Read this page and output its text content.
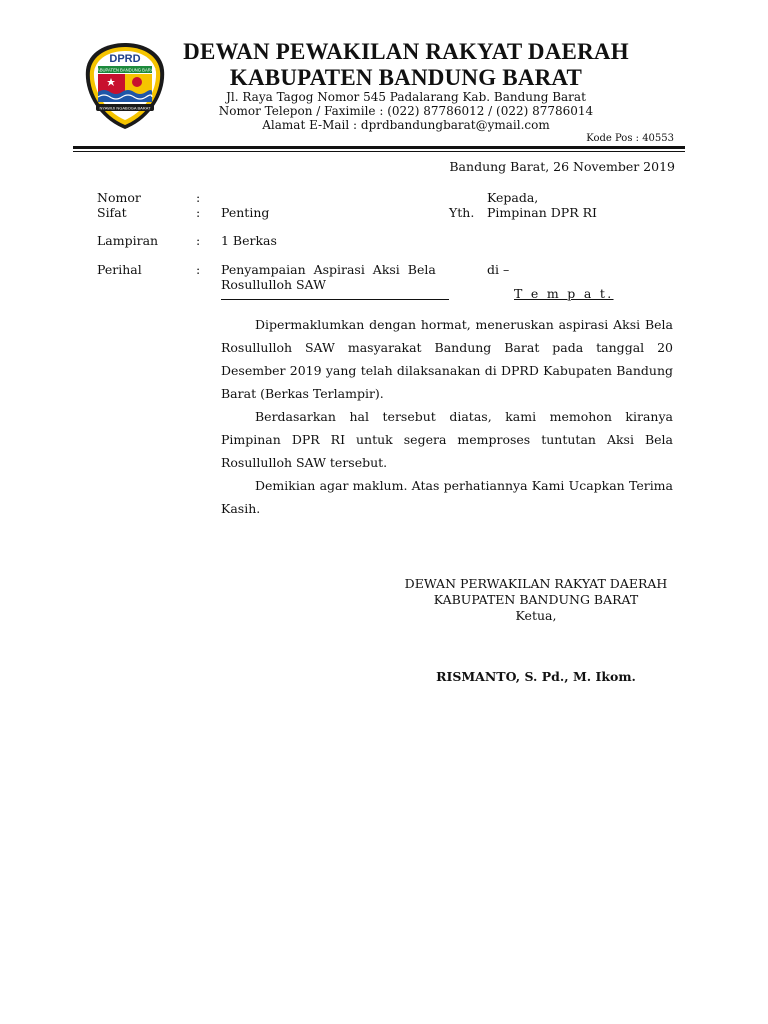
DPRD
KABUPATEN BANDUNG BARAT
NYAWIJI NGABOGA BARAT
DEWAN PEWAKILAN RAKYAT DAERAH
KABUPATEN BANDUNG BARAT
Jl. Raya Tagog Nomor 545 Padalarang Kab. Bandung Barat
Nomor Telepon / Faximile : (022) 87786012 / (022) 87786014
Alamat E-Mail : dprdbandungbarat@ymail.com
Kode Pos : 40553
Bandung Barat, 26 November 2019
Nomor	:
Sifat	: Penting
Lampiran	: 1 Berkas
Perihal	: Penyampaian  Aspirasi  Aksi  Bela
Rosullulloh SAW
Yth.
Kepada,
Pimpinan DPR RI
di –
T e m p a t.
Dipermaklumkan dengan hormat, meneruskan aspirasi Aksi Bela Rosullulloh SAW masyarakat Bandung Barat pada tanggal 20 Desember 2019 yang telah dilaksanakan di DPRD Kabupaten Bandung Barat (Berkas Terlampir).
Berdasarkan hal tersebut diatas, kami memohon kiranya Pimpinan DPR RI untuk segera memproses tuntutan Aksi Bela Rosullulloh SAW tersebut.
Demikian agar maklum. Atas perhatiannya Kami Ucapkan Terima Kasih.
DEWAN PERWAKILAN RAKYAT DAERAH
KABUPATEN BANDUNG BARAT
Ketua,
RISMANTO, S. Pd., M. Ikom.
